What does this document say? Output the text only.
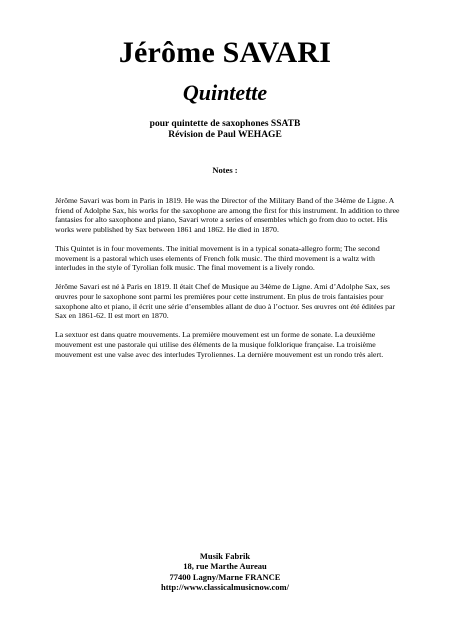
Jérôme SAVARI
Quintette
pour quintette de saxophones SSATB
Révision de Paul WEHAGE
Notes :

Jérôme Savari was born in Paris in 1819. He was the Director of the Military Band of the 34ème de Ligne. A friend of Adolphe Sax, his works for the saxophone are among the first for this instrument. In addition to three fantasies for alto saxophone and piano, Savari wrote a series of ensembles which go from duo to octet. His works were published by Sax between 1861 and 1862. He died in 1870.

This Quintet is in four movements. The initial movement is in a typical sonata-allegro form; The second movement is a pastoral which uses elements of French folk music. The third movement is a waltz with interludes in the style of Tyrolian folk music. The final movement is a lively rondo.

Jérôme Savari est né à Paris en 1819. Il était Chef de Musique au 34ème de Ligne. Ami d’Adolphe Sax, ses œuvres pour le saxophone sont parmi les premières pour cette instrument. En plus de trois fantaisies pour saxophone alto et piano, il écrit une série d’ensembles allant de duo à l’octuor. Ses œuvres ont été éditées par Sax en 1861-62. Il est mort en 1870.

La sextuor est dans quatre mouvements. La première mouvement est un forme de sonate. La deuxième mouvement est une pastorale qui utilise des éléments de la musique folklorique française. La troisième mouvement est une valse avec des interludes Tyroliennes. La dernière mouvement est un rondo très alert.

Musik Fabrik
18, rue Marthe Aureau
77400 Lagny/Marne FRANCE
http://www.classicalmusicnow.com/
